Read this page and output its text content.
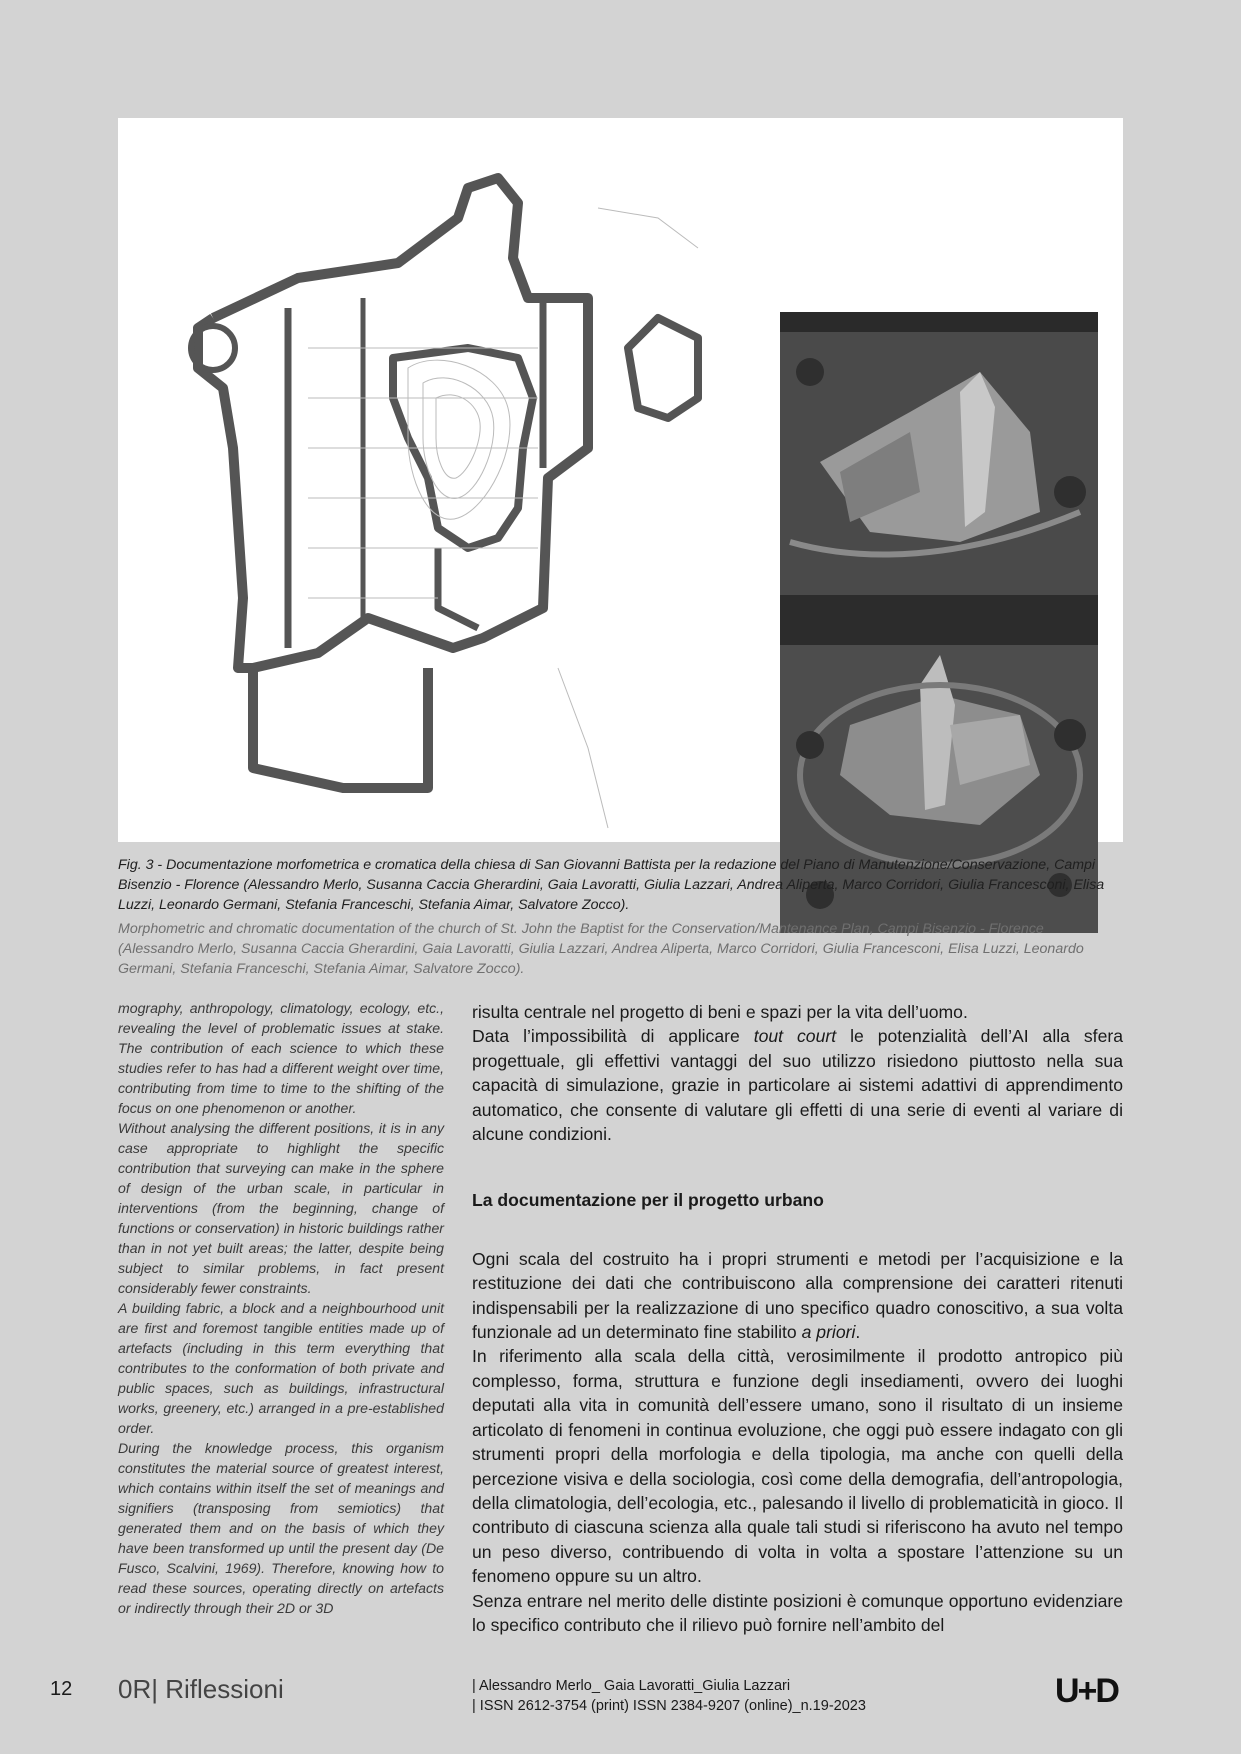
Fig. 3 - Documentazione morfometrica e cromatica della chiesa di San Giovanni Battista per la redazione del Piano di Manutenzione/Conservazione, Campi Bisenzio - Florence (Alessandro Merlo, Susanna Caccia Gherardini, Gaia Lavoratti, Giulia Lazzari, Andrea Aliperta, Marco Corridori, Giulia Francesconi, Elisa Luzzi, Leonardo Germani, Stefania Franceschi, Stefania Aimar, Salvatore Zocco).
Morphometric and chromatic documentation of the church of St. John the Baptist for the Conservation/Mantenance Plan, Campi Bisenzio - Florence (Alessandro Merlo, Susanna Caccia Gherardini, Gaia Lavoratti, Giulia Lazzari, Andrea Aliperta, Marco Corridori, Giulia Francesconi, Elisa Luzzi, Leonardo Germani, Stefania Franceschi, Stefania Aimar, Salvatore Zocco).

mography, anthropology, climatology, ecology, etc., revealing the level of problematic issues at stake. The contribution of each science to which these studies refer to has had a different weight over time, contributing from time to time to the shifting of the focus on one phenomenon or another.

Without analysing the different positions, it is in any case appropriate to highlight the specific contribution that surveying can make in the sphere of design of the urban scale, in particular in interventions (from the beginning, change of functions or conservation) in historic buildings rather than in not yet built areas; the latter, despite being subject to similar problems, in fact present considerably fewer constraints.

A building fabric, a block and a neighbourhood unit are first and foremost tangible entities made up of artefacts (including in this term everything that contributes to the conformation of both private and public spaces, such as buildings, infrastructural works, greenery, etc.) arranged in a pre-established order.

During the knowledge process, this organism constitutes the material source of greatest interest, which contains within itself the set of meanings and signifiers (transposing from semiotics) that generated them and on the basis of which they have been transformed up until the present day (De Fusco, Scalvini, 1969). Therefore, knowing how to read these sources, operating directly on artefacts or indirectly through their 2D or 3D

risulta centrale nel progetto di beni e spazi per la vita dell’uomo.

Data l’impossibilità di applicare tout court le potenzialità dell’AI alla sfera progettuale, gli effettivi vantaggi del suo utilizzo risiedono piuttosto nella sua capacità di simulazione, grazie in particolare ai sistemi adattivi di apprendimento automatico, che consente di valutare gli effetti di una serie di eventi al variare di alcune condizioni.

La documentazione per il progetto urbano

Ogni scala del costruito ha i propri strumenti e metodi per l’acquisizione e la restituzione dei dati che contribuiscono alla comprensione dei caratteri ritenuti indispensabili per la realizzazione di uno specifico quadro conoscitivo, a sua volta funzionale ad un determinato fine stabilito a priori.

In riferimento alla scala della città, verosimilmente il prodotto antropico più complesso, forma, struttura e funzione degli insediamenti, ovvero dei luoghi deputati alla vita in comunità dell’essere umano, sono il risultato di un insieme articolato di fenomeni in continua evoluzione, che oggi può essere indagato con gli strumenti propri della morfologia e della tipologia, ma anche con quelli della percezione visiva e della sociologia, così come della demografia, dell’antropologia, della climatologia, dell’ecologia, etc., palesando il livello di problematicità in gioco. Il contributo di ciascuna scienza alla quale tali studi si riferiscono ha avuto nel tempo un peso diverso, contribuendo di volta in volta a spostare l’attenzione su un fenomeno oppure su un altro.

Senza entrare nel merito delle distinte posizioni è comunque opportuno evidenziare lo specifico contributo che il rilievo può fornire nell’ambito del

12 0R| Riflessioni	| Alessandro Merlo_ Gaia Lavoratti_Giulia Lazzari
| ISSN 2612-3754 (print) ISSN 2384-9207 (online)_n.19-2023	U+D
